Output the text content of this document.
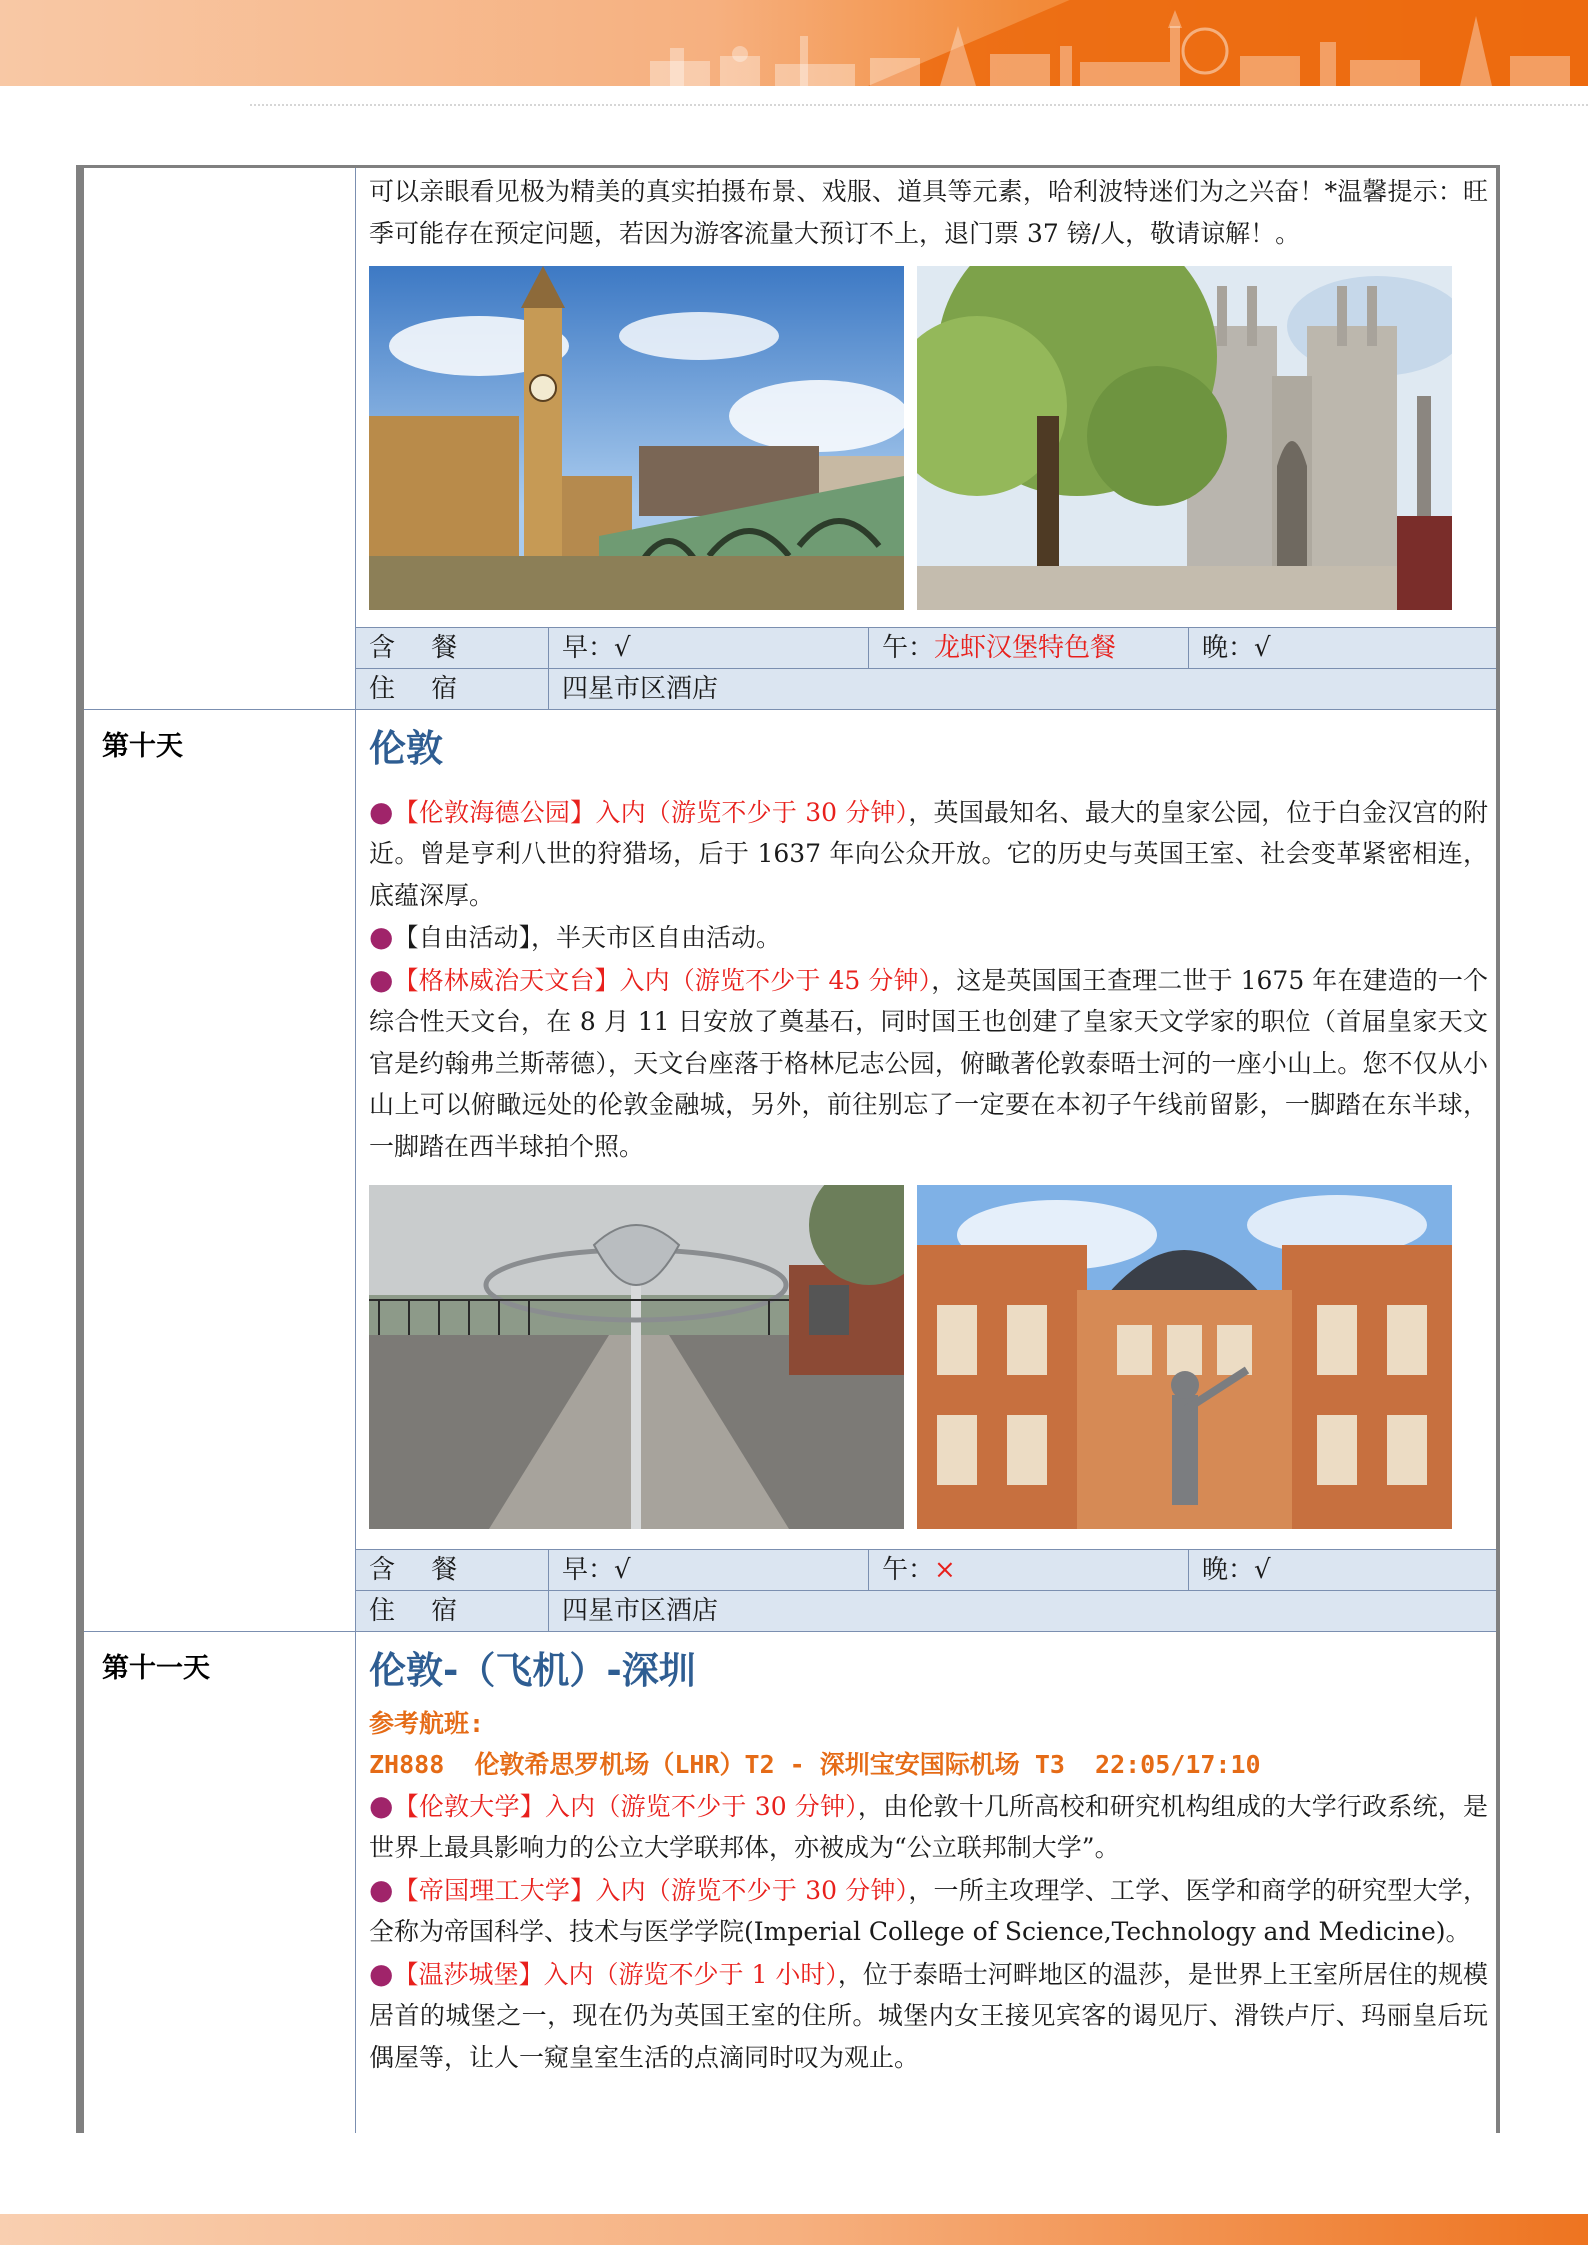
可以亲眼看见极为精美的真实拍摄布景、戏服、道具等元素，哈利波特迷们为之兴奋！*温馨提示：旺季可能存在预定问题，若因为游客流量大预订不上，退门票 37 镑/人，敬请谅解！。

含 餐	早：√	午：龙虾汉堡特色餐	晚：√
住 宿	四星市区酒店
第十天	伦敦

●【伦敦海德公园】入内（游览不少于 30 分钟），英国最知名、最大的皇家公园，位于白金汉宫的附近。曾是亨利八世的狩猎场，后于 1637 年向公众开放。它的历史与英国王室、社会变革紧密相连，底蕴深厚。

●【自由活动】，半天市区自由活动。

●【格林威治天文台】入内（游览不少于 45 分钟），这是英国国王查理二世于 1675 年在建造的一个综合性天文台，在 8 月 11 日安放了奠基石，同时国王也创建了皇家天文学家的职位（首届皇家天文官是约翰弗兰斯蒂德），天文台座落于格林尼志公园，俯瞰著伦敦泰晤士河的一座小山上。您不仅从小山上可以俯瞰远处的伦敦金融城，另外，前往别忘了一定要在本初子午线前留影，一脚踏在东半球，一脚踏在西半球拍个照。

含 餐	早：√	午：×	晚：√
住 宿	四星市区酒店
第十一天	伦敦-（飞机）-深圳

参考航班:

ZH888  伦敦希思罗机场（LHR）T2 - 深圳宝安国际机场 T3  22:05/17:10

●【伦敦大学】入内（游览不少于 30 分钟），由伦敦十几所高校和研究机构组成的大学行政系统，是世界上最具影响力的公立大学联邦体，亦被成为“公立联邦制大学”。

●【帝国理工大学】入内（游览不少于 30 分钟），一所主攻理学、工学、医学和商学的研究型大学，全称为帝国科学、技术与医学学院(Imperial College of Science,Technology and Medicine)。

●【温莎城堡】入内（游览不少于 1 小时），位于泰晤士河畔地区的温莎，是世界上王室所居住的规模居首的城堡之一，现在仍为英国王室的住所。城堡内女王接见宾客的谒见厅、滑铁卢厅、玛丽皇后玩偶屋等，让人一窥皇室生活的点滴同时叹为观止。
